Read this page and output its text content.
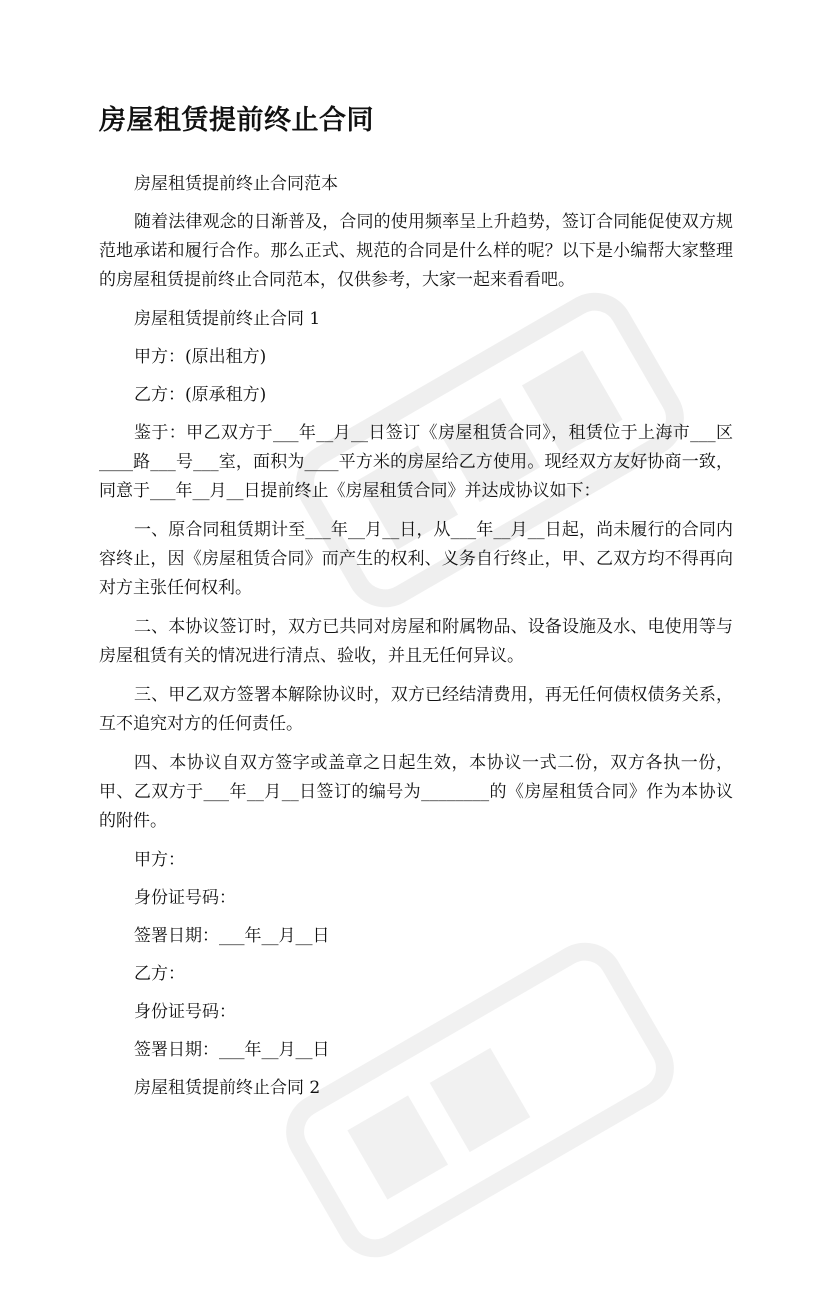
房屋租赁提前终止合同

房屋租赁提前终止合同范本

随着法律观念的日渐普及，合同的使用频率呈上升趋势，签订合同能促使双方规范地承诺和履行合作。那么正式、规范的合同是什么样的呢？以下是小编帮大家整理的房屋租赁提前终止合同范本，仅供参考，大家一起来看看吧。

房屋租赁提前终止合同 1

甲方：(原出租方)

乙方：(原承租方)

鉴于：甲乙双方于___年__月__日签订《房屋租赁合同》，租赁位于上海市___区____路___号___室，面积为____平方米的房屋给乙方使用。现经双方友好协商一致，同意于___年__月__日提前终止《房屋租赁合同》并达成协议如下：

一、原合同租赁期计至___年__月__日，从___年__月__日起，尚未履行的合同内容终止，因《房屋租赁合同》而产生的权利、义务自行终止，甲、乙双方均不得再向对方主张任何权利。

二、本协议签订时，双方已共同对房屋和附属物品、设备设施及水、电使用等与房屋租赁有关的情况进行清点、验收，并且无任何异议。

三、甲乙双方签署本解除协议时，双方已经结清费用，再无任何债权债务关系，互不追究对方的任何责任。

四、本协议自双方签字或盖章之日起生效，本协议一式二份，双方各执一份，甲、乙双方于___年__月__日签订的编号为________的《房屋租赁合同》作为本协议的附件。

甲方：

身份证号码：

签署日期：___年__月__日

乙方：

身份证号码：

签署日期：___年__月__日

房屋租赁提前终止合同 2
